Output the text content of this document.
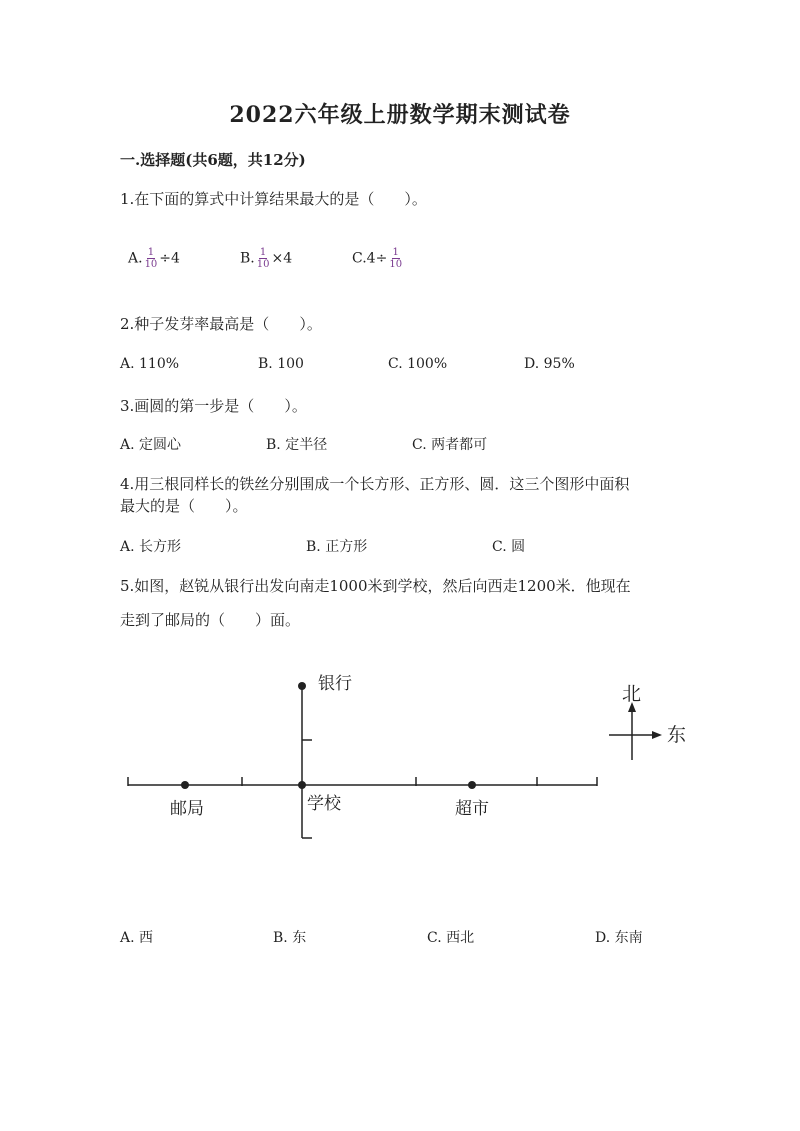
2022六年级上册数学期末测试卷
一.选择题(共6题，共12分)
1.在下面的算式中计算结果最大的是（　　）。
A. $\frac{1}{10} \div 4$	B. $\frac{1}{10} \times 4$	$C.4\div \frac{1}{10}$
2.种子发芽率最高是（　　）。
A. 110%	B. 100	C. 100%	D. 95%
3.画圆的第一步是（　　）。
A. 定圆心	B. 定半径	C. 两者都可
4.用三根同样长的铁丝分别围成一个长方形、正方形、圆．这三个图形中面积
最大的是（　　）。
A. 长方形	B. 正方形	C. 圆
5.如图，赵锐从银行出发向南走1000米到学校，然后向西走1200米．他现在
走到了邮局的（　　）面。
银行
邮局	学校	超市
北
东
A. 西	B. 东	C. 西北	D. 东南
